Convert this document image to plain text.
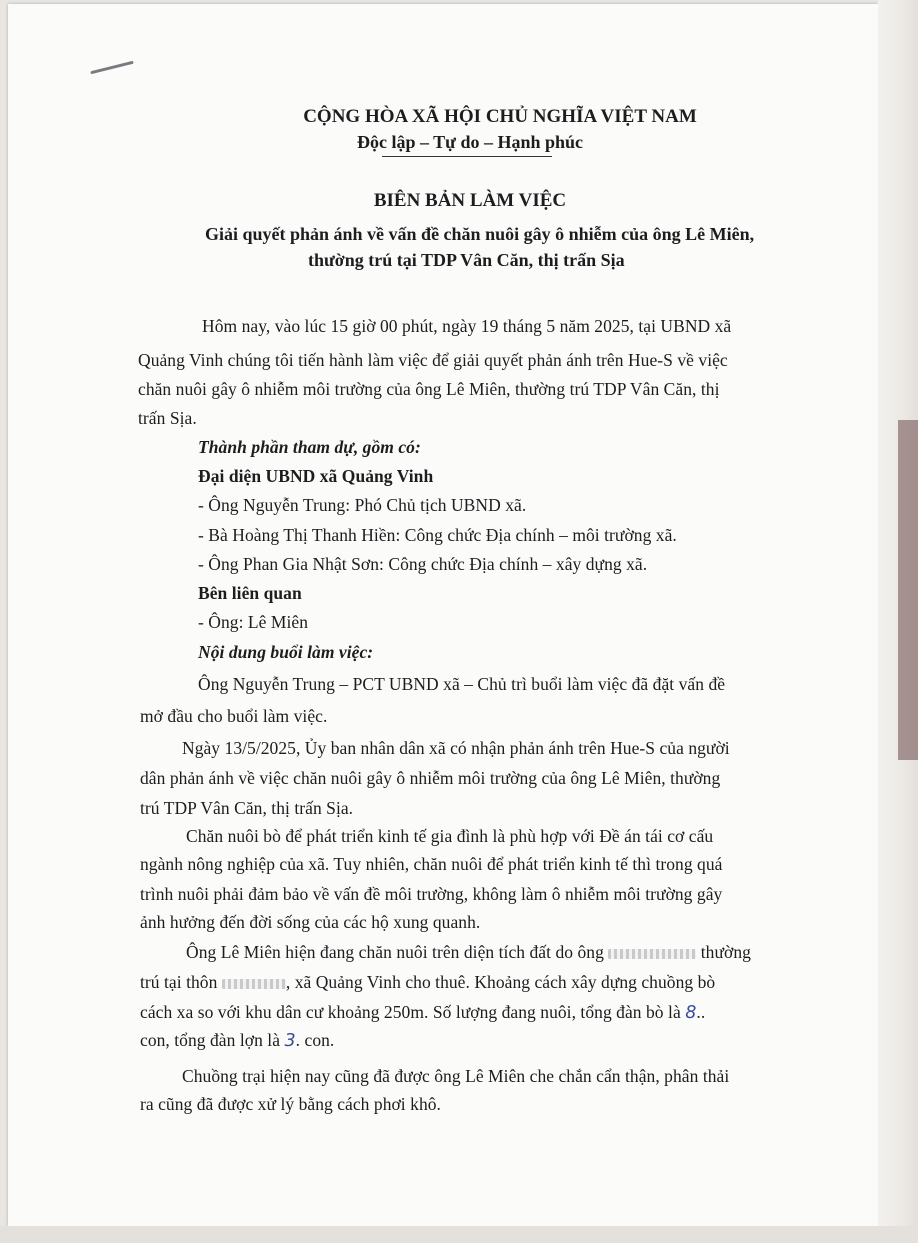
CỘNG HÒA XÃ HỘI CHỦ NGHĨA VIỆT NAM
Độc lập – Tự do – Hạnh phúc
BIÊN BẢN LÀM VIỆC
Giải quyết phản ánh về vấn đề chăn nuôi gây ô nhiễm của ông Lê Miên,
thường trú tại TDP Vân Căn, thị trấn Sịa
Hôm nay, vào lúc 15 giờ 00 phút, ngày 19 tháng 5 năm 2025, tại UBND xã
Quảng Vinh chúng tôi tiến hành làm việc để giải quyết phản ánh trên Hue-S về việc
chăn nuôi gây ô nhiễm môi trường của ông Lê Miên, thường trú TDP Vân Căn, thị
trấn Sịa.
Thành phần tham dự, gồm có:
Đại diện UBND xã Quảng Vinh
- Ông Nguyễn Trung: Phó Chủ tịch UBND xã.
- Bà Hoàng Thị Thanh Hiền: Công chức Địa chính – môi trường xã.
- Ông Phan Gia Nhật Sơn: Công chức Địa chính – xây dựng xã.
Bên liên quan
- Ông: Lê Miên
Nội dung buổi làm việc:
Ông Nguyễn Trung – PCT UBND xã – Chủ trì buổi làm việc đã đặt vấn đề
mở đầu cho buổi làm việc.
Ngày 13/5/2025, Ủy ban nhân dân xã có nhận phản ánh trên Hue-S của người
dân phản ánh về việc chăn nuôi gây ô nhiễm môi trường của ông Lê Miên, thường
trú TDP Vân Căn, thị trấn Sịa.
Chăn nuôi bò để phát triển kinh tế gia đình là phù hợp với Đề án tái cơ cấu
ngành nông nghiệp của xã. Tuy nhiên, chăn nuôi để phát triển kinh tế thì trong quá
trình nuôi phải đảm bảo về vấn đề môi trường, không làm ô nhiễm môi trường gây
ảnh hưởng đến đời sống của các hộ xung quanh.
Ông Lê Miên hiện đang chăn nuôi trên diện tích đất do ông	thường
trú tại thôn	, xã Quảng Vinh cho thuê. Khoảng cách xây dựng chuồng bò
cách xa so với khu dân cư khoảng 250m. Số lượng đang nuôi, tổng đàn bò là 8..
con, tổng đàn lợn là 3. con.
Chuồng trại hiện nay cũng đã được ông Lê Miên che chắn cẩn thận, phân thải
ra cũng đã được xử lý bằng cách phơi khô.
